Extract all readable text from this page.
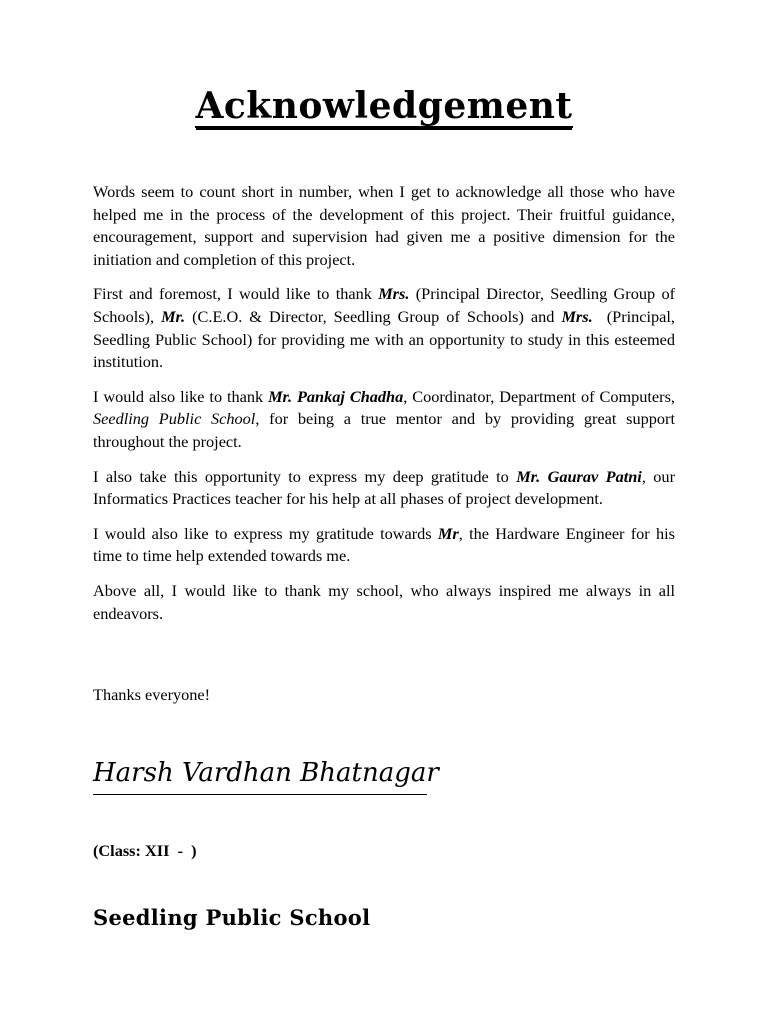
Acknowledgement

Words seem to count short in number, when I get to acknowledge all those who have helped me in the process of the development of this project. Their fruitful guidance, encouragement, support and supervision had given me a positive dimension for the initiation and completion of this project.

First and foremost, I would like to thank Mrs. (Principal Director, Seedling Group of Schools), Mr. (C.E.O. & Director, Seedling Group of Schools) and Mrs.  (Principal, Seedling Public School) for providing me with an opportunity to study in this esteemed institution.

I would also like to thank Mr. Pankaj Chadha, Coordinator, Department of Computers, Seedling Public School, for being a true mentor and by providing great support throughout the project.

I also take this opportunity to express my deep gratitude to Mr. Gaurav Patni, our Informatics Practices teacher for his help at all phases of project development.

I would also like to express my gratitude towards Mr, the Hardware Engineer for his time to time help extended towards me.

Above all, I would like to thank my school, who always inspired me always in all endeavors.

Thanks everyone!
Harsh Vardhan Bhatnagar
(Class: XII  -  )
Seedling Public School
